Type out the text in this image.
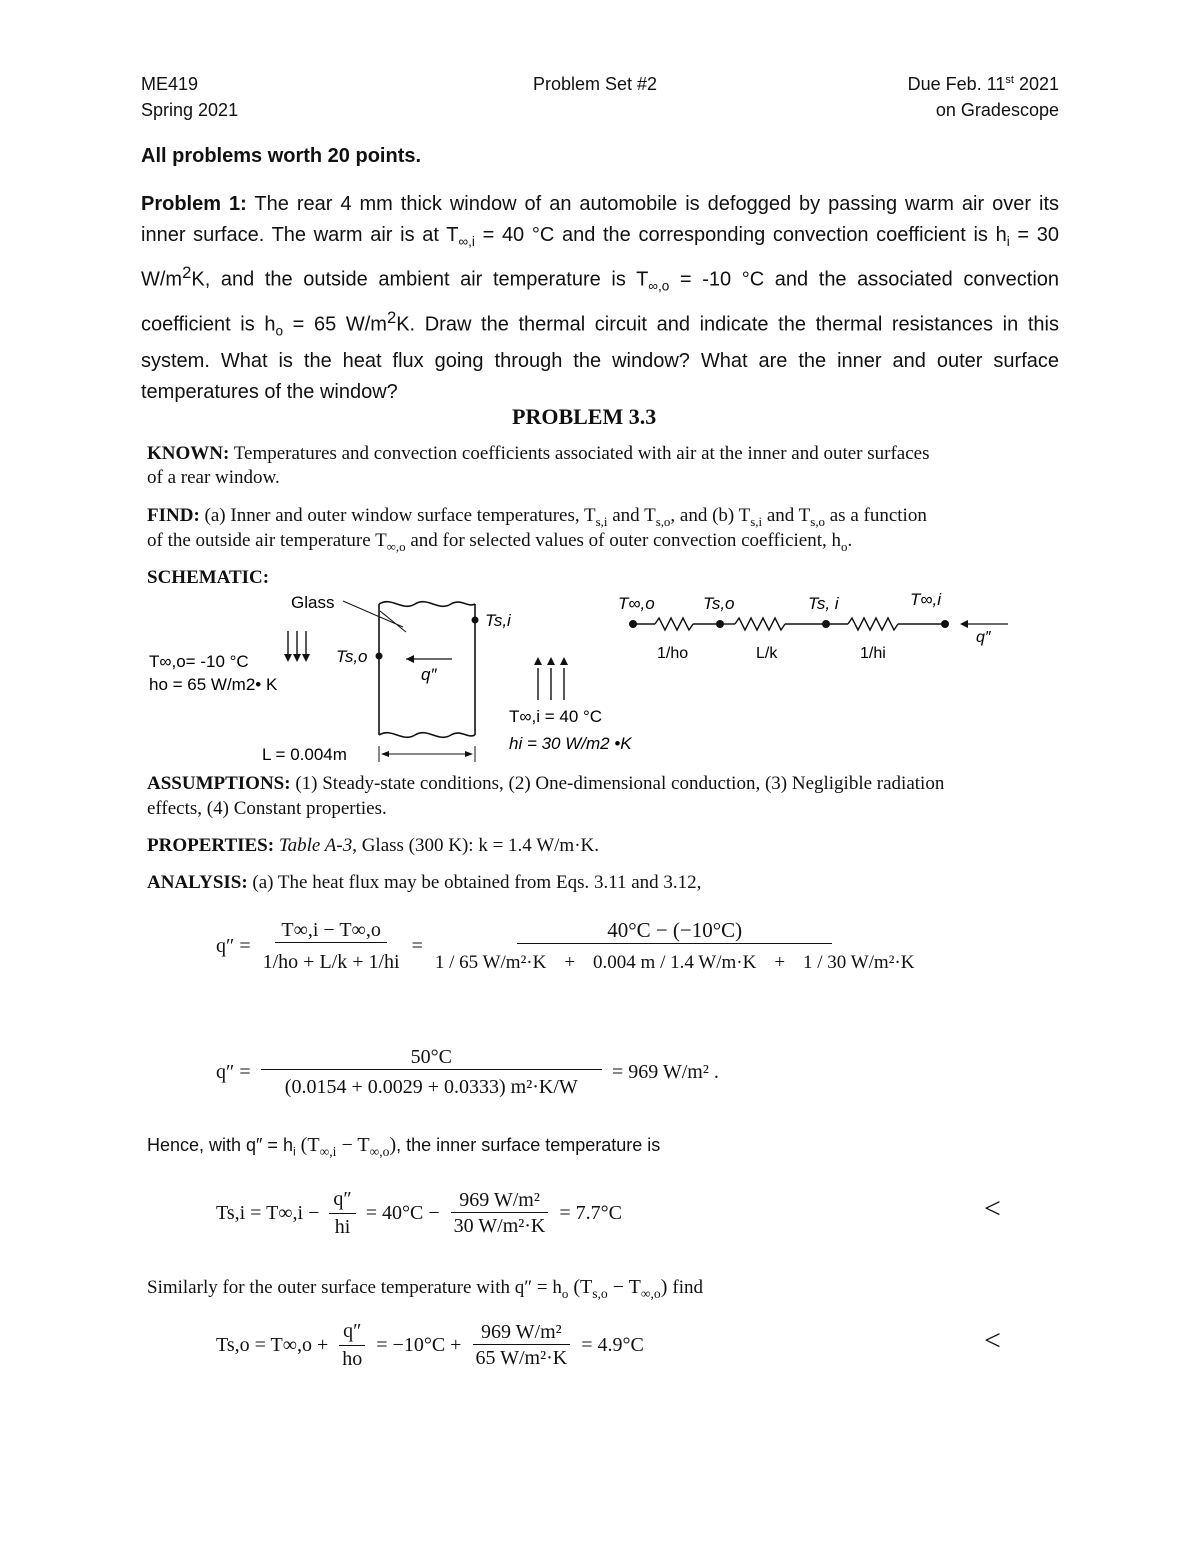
ME419
Spring 2021
Problem Set #2	Due Feb. 11st 2021
on Gradescope
All problems worth 20 points.
Problem 1: The rear 4 mm thick window of an automobile is defogged by passing warm air over its inner surface. The warm air is at $T_{\infty,i} = 40$ °C and the corresponding convection coefficient is $h_i = 30$ $W/m^2K$, and the outside ambient air temperature is $T_{\infty,o} = -10$ °C and the associated convection coefficient is $h_o = 65$ $W/m^2K$. Draw the thermal circuit and indicate the thermal resistances in this system. What is the heat flux going through the window? What are the inner and outer surface temperatures of the window?
PROBLEM 3.3
KNOWN: Temperatures and convection coefficients associated with air at the inner and outer surfaces
of a rear window.
FIND: (a) Inner and outer window surface temperatures, $T_{s,i}$ and $T_{s,o}$, and (b) $T_{s,i}$ and $T_{s,o}$ as a function
of the outside air temperature $T_{\infty,o}$ and for selected values of outer convection coefficient, $h_o$.
SCHEMATIC:
Glass
Ts,i
Ts,o
q″
T∞,o= -10 °C
ho = 65 W/m2• K
T∞,i = 40 °C
hi = 30 W/m2 •K
L = 0.004m
T∞,o	Ts,o	Ts, i	T∞,i
q″
1/ho	L/k	1/hi
ASSUMPTIONS: (1) Steady-state conditions, (2) One-dimensional conduction, (3) Negligible radiation
effects, (4) Constant properties.
PROPERTIES: Table A-3, Glass (300 K): k = 1.4 W/m·K.
ANALYSIS: (a) The heat flux may be obtained from Eqs. 3.11 and 3.12,
$q'' = \frac{T\infty,i - T\infty,o}{1/ho + L/k + 1/hi}$ =
40°C − (−10°C)
1 / 65 W/m²·K + 0.004 m / 1.4 W/m·K + 1 / 30 W/m²·K
$q'' = \frac{50^\circ C}{\text{(0.0154 + 0.0029 + 0.0333) m²·K/W}} = 969$ W/m² .
Hence, with $q'' = h_i$ $(T_{\infty,i} - T_{\infty,o})$, the inner surface temperature is
$Ts,i = T\infty,i - \frac{q''}{hi} = 40^\circ C - \frac{\text{969 W/m²}}{\text{30 W/m²·K}} = 7.7^\circ C$	<
Similarly for the outer surface temperature with $q'' = h_o$ $(T_{s,o} - T_{\infty,o})$ find
$Ts,o = T\infty,o + \frac{q''}{ho} = -10^\circ C + \frac{\text{969 W/m²}}{\text{65 W/m²·K}} = 4.9^\circ C$	<
